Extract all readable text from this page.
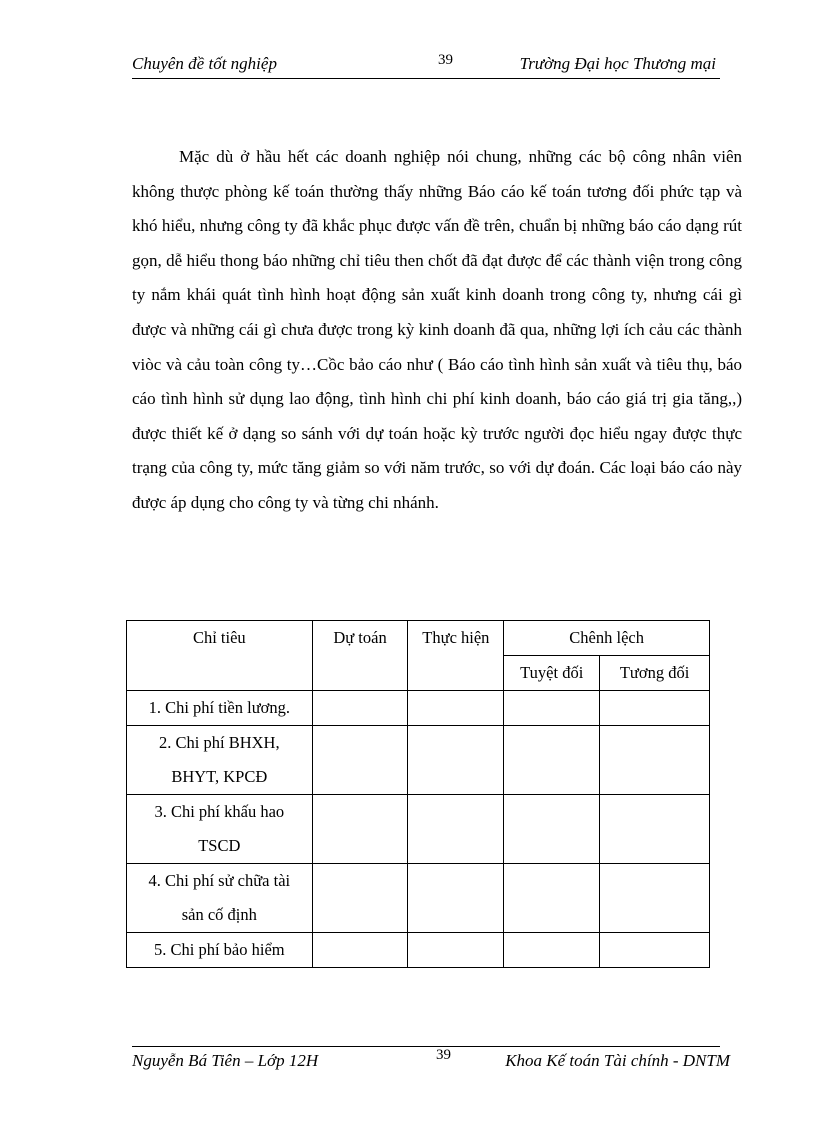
Chuyên đề tốt nghiệp	39	Trường Đại học Thương mại

Mặc dù ở hầu hết các doanh nghiệp nói chung, những các bộ công nhân viên không thược phòng kế toán thường thấy những Báo cáo kế toán tương đối phức tạp và khó hiểu, nhưng công ty đã khắc phục được vấn đề trên, chuẩn bị những báo cáo dạng rút gọn, dễ hiểu thong báo những chỉ tiêu then chốt đã đạt được để các thành viện trong công ty nắm khái quát tình hình hoạt động sản xuất kinh doanh trong công ty, nhưng cái gì được và những cái gì chưa được trong kỳ kinh doanh đã qua, những lợi ích cảu các thành viòc và cảu toàn công ty…Cồc bảo cáo như ( Báo cáo tình hình sản xuất và tiêu thụ, báo cáo tình hình sử dụng lao động, tình hình chi phí kinh doanh, báo cáo giá trị gia tăng,,) được thiết kế ở dạng so sánh với dự toán hoặc kỳ trước người đọc hiểu ngay được thực trạng của công ty, mức tăng giảm so với năm trước, so với dự đoán. Các loại báo cáo này được áp dụng cho công ty và từng chi nhánh.

Chỉ tiêu	Dự toán	Thực hiện	Chênh lệch	
			Tuyệt đối	Tương đối

1. Chi phí tiền lương.				

2. Chi phí BHXH,
BHYT, KPCĐ				

3. Chi phí khấu hao
TSCD				

4. Chi phí sử chữa tài
sản cố định				

5. Chi phí bảo hiểm				

Nguyễn Bá Tiên – Lớp 12H	39	Khoa Kế toán Tài chính - DNTM
